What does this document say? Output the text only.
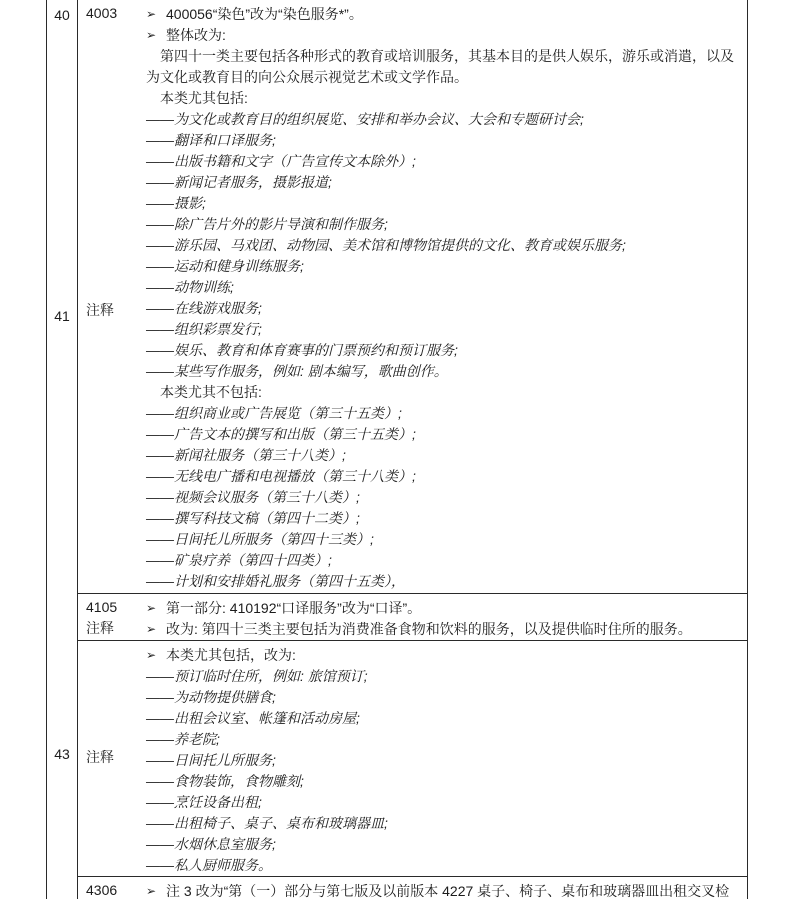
40
41
43
4003
注释
➢ 400056“染色”改为“染色服务*”。
➢ 整体改为:
第四十一类主要包括各种形式的教育或培训服务，其基本目的是供人娱乐，游乐或消遣，以及
为文化或教育目的向公众展示视觉艺术或文学作品。
本类尤其包括:
——为文化或教育目的组织展览、安排和举办会议、大会和专题研讨会;
——翻译和口译服务;
——出版书籍和文字（广告宣传文本除外）;
——新闻记者服务，摄影报道;
——摄影;
——除广告片外的影片导演和制作服务;
——游乐园、马戏团、动物园、美术馆和博物馆提供的文化、教育或娱乐服务;
——运动和健身训练服务;
——动物训练;
——在线游戏服务;
——组织彩票发行;
——娱乐、教育和体育赛事的门票预约和预订服务;
——某些写作服务，例如: 剧本编写，歌曲创作。
本类尤其不包括:
——组织商业或广告展览（第三十五类）;
——广告文本的撰写和出版（第三十五类）;
——新闻社服务（第三十八类）;
——无线电广播和电视播放（第三十八类）;
——视频会议服务（第三十八类）;
——撰写科技文稿（第四十二类）;
——日间托儿所服务（第四十三类）;
——矿泉疗养（第四十四类）;
——计划和安排婚礼服务（第四十五类），
4105
注释
➢ 第一部分: 410192“口译服务”改为“口译”。
➢ 改为: 第四十三类主要包括为消费准备食物和饮料的服务，以及提供临时住所的服务。
注释
➢ 本类尤其包括，改为:
——预订临时住所，例如: 旅馆预订;
——为动物提供膳食;
——出租会议室、帐篷和活动房屋;
——养老院;
——日间托儿所服务;
——食物装饰，食物雕刻;
——烹饪设备出租;
——出租椅子、桌子、桌布和玻璃器皿;
——水烟休息室服务;
——私人厨师服务。
4306 ➢ 注 3 改为“第（一）部分与第七版及以前版本 4227 桌子、椅子、桌布和玻璃器皿出租交叉检
